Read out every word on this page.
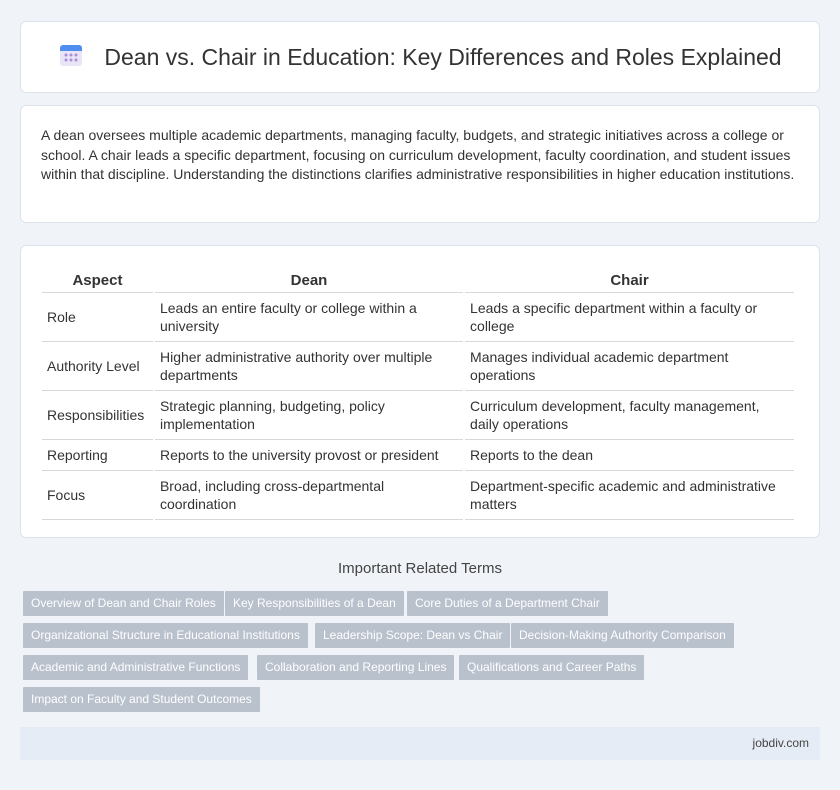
Dean vs. Chair in Education: Key Differences and Roles Explained

A dean oversees multiple academic departments, managing faculty, budgets, and strategic initiatives across a college or school. A chair leads a specific department, focusing on curriculum development, faculty coordination, and student issues within that discipline. Understanding the distinctions clarifies administrative responsibilities in higher education institutions.

Aspect	Dean	Chair
Role	Leads an entire faculty or college within a university	Leads a specific department within a faculty or college
Authority Level	Higher administrative authority over multiple departments	Manages individual academic department operations
Responsibilities	Strategic planning, budgeting, policy implementation	Curriculum development, faculty management, daily operations
Reporting	Reports to the university provost or president	Reports to the dean
Focus	Broad, including cross-departmental coordination	Department-specific academic and administrative matters
Important Related Terms
Overview of Dean and Chair Roles	Key Responsibilities of a Dean	Core Duties of a Department Chair
Organizational Structure in Educational Institutions	Leadership Scope: Dean vs Chair	Decision-Making Authority Comparison
Academic and Administrative Functions	Collaboration and Reporting Lines	Qualifications and Career Paths
Impact on Faculty and Student Outcomes
jobdiv.com
